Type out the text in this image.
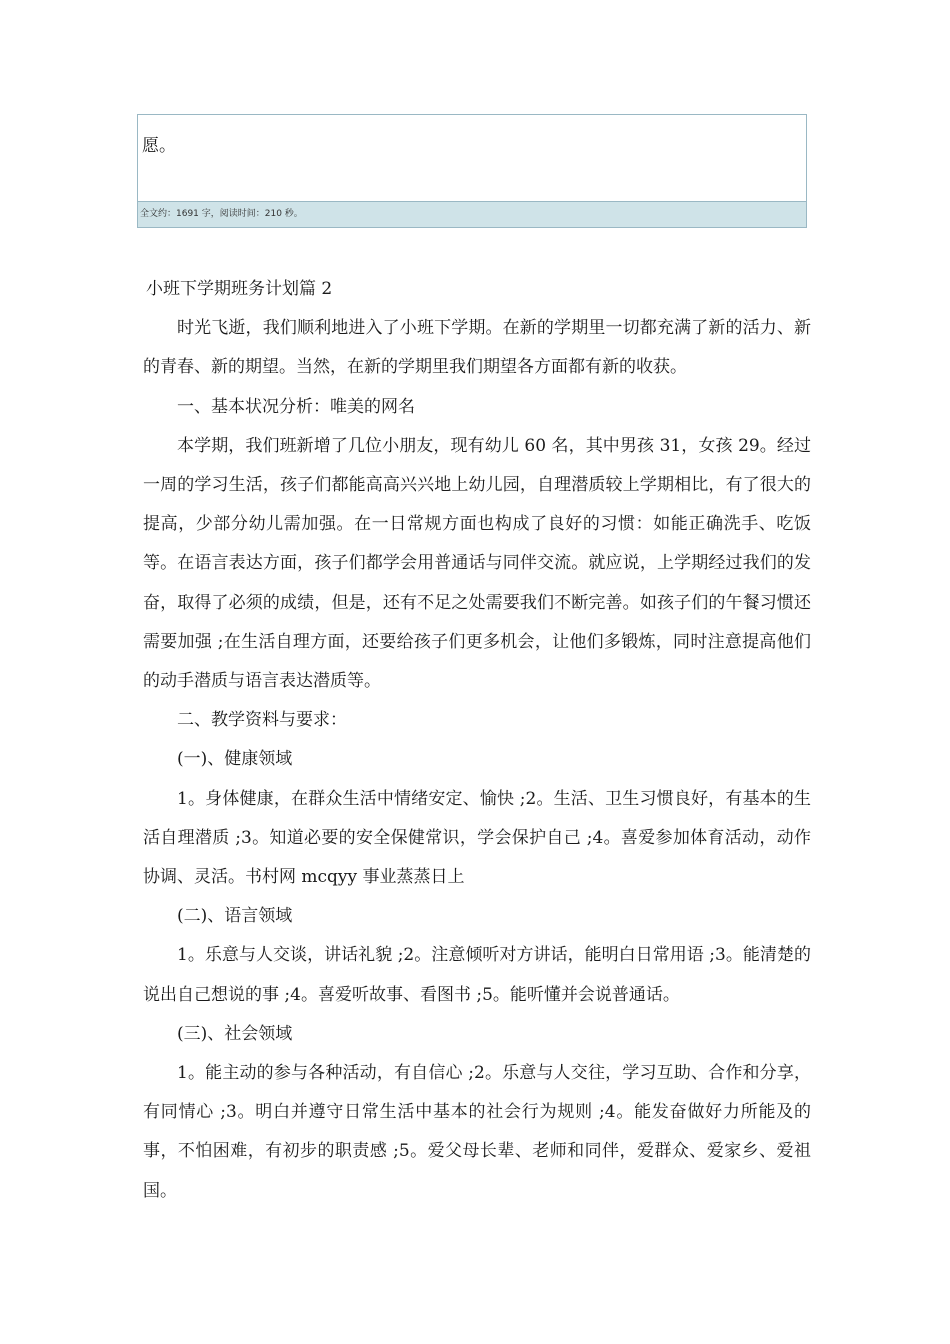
愿。
全文约：1691 字，阅读时间：210 秒。
小班下学期班务计划篇 2

时光飞逝，我们顺利地进入了小班下学期。在新的学期里一切都充满了新的活力、新的青春、新的期望。当然，在新的学期里我们期望各方面都有新的收获。

一、基本状况分析：唯美的网名

本学期，我们班新增了几位小朋友，现有幼儿 60 名，其中男孩 31，女孩 29。经过一周的学习生活，孩子们都能高高兴兴地上幼儿园，自理潜质较上学期相比，有了很大的提高，少部分幼儿需加强。在一日常规方面也构成了良好的习惯：如能正确洗手、吃饭等。在语言表达方面，孩子们都学会用普通话与同伴交流。就应说，上学期经过我们的发奋，取得了必须的成绩，但是，还有不足之处需要我们不断完善。如孩子们的午餐习惯还需要加强 ;在生活自理方面，还要给孩子们更多机会，让他们多锻炼，同时注意提高他们的动手潜质与语言表达潜质等。

二、教学资料与要求：

(一)、健康领域

1。身体健康，在群众生活中情绪安定、愉快 ;2。生活、卫生习惯良好，有基本的生活自理潜质 ;3。知道必要的安全保健常识，学会保护自己 ;4。喜爱参加体育活动，动作协调、灵活。书村网 mcqyy 事业蒸蒸日上

(二)、语言领域

1。乐意与人交谈，讲话礼貌 ;2。注意倾听对方讲话，能明白日常用语 ;3。能清楚的说出自己想说的事 ;4。喜爱听故事、看图书 ;5。能听懂并会说普通话。

(三)、社会领域

1。能主动的参与各种活动，有自信心 ;2。乐意与人交往，学习互助、合作和分享，有同情心 ;3。明白并遵守日常生活中基本的社会行为规则 ;4。能发奋做好力所能及的事，不怕困难，有初步的职责感 ;5。爱父母长辈、老师和同伴，爱群众、爱家乡、爱祖国。
